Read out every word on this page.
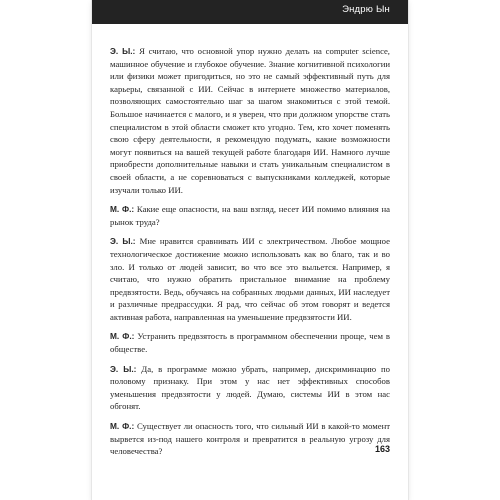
Эндрю Ын

Э. Ы.: Я считаю, что основной упор нужно делать на computer science, машинное обучение и глубокое обучение. Знание когнитивной психологии или физики может пригодиться, но это не самый эффективный путь для карьеры, связанной с ИИ. Сейчас в интернете множество материалов, позволяющих самостоятельно шаг за шагом знакомиться с этой темой. Большое начинается с малого, и я уверен, что при должном упорстве стать специалистом в этой области сможет кто угодно. Тем, кто хочет поменять свою сферу деятельности, я рекомендую подумать, какие возможности могут появиться на вашей текущей работе благодаря ИИ. Намного лучше приобрести дополнительные навыки и стать уникальным специалистом в своей области, а не соревноваться с выпускниками колледжей, которые изучали только ИИ.

М. Ф.: Какие еще опасности, на ваш взгляд, несет ИИ помимо влияния на рынок труда?

Э. Ы.: Мне нравится сравнивать ИИ с электричеством. Любое мощное технологическое достижение можно использовать как во благо, так и во зло. И только от людей зависит, во что все это выльется. Например, я считаю, что нужно обратить пристальное внимание на проблему предвзятости. Ведь, обучаясь на собранных людьми данных, ИИ наследует и различные предрассудки. Я рад, что сейчас об этом говорят и ведется активная работа, направленная на уменьшение предвзятости ИИ.

М. Ф.: Устранить предвзятость в программном обеспечении проще, чем в обществе.

Э. Ы.: Да, в программе можно убрать, например, дискриминацию по половому признаку. При этом у нас нет эффективных способов уменьшения предвзятости у людей. Думаю, системы ИИ в этом нас обгонят.

М. Ф.: Существует ли опасность того, что сильный ИИ в какой-то момент вырвется из-под нашего контроля и превратится в реальную угрозу для человечества?	163
